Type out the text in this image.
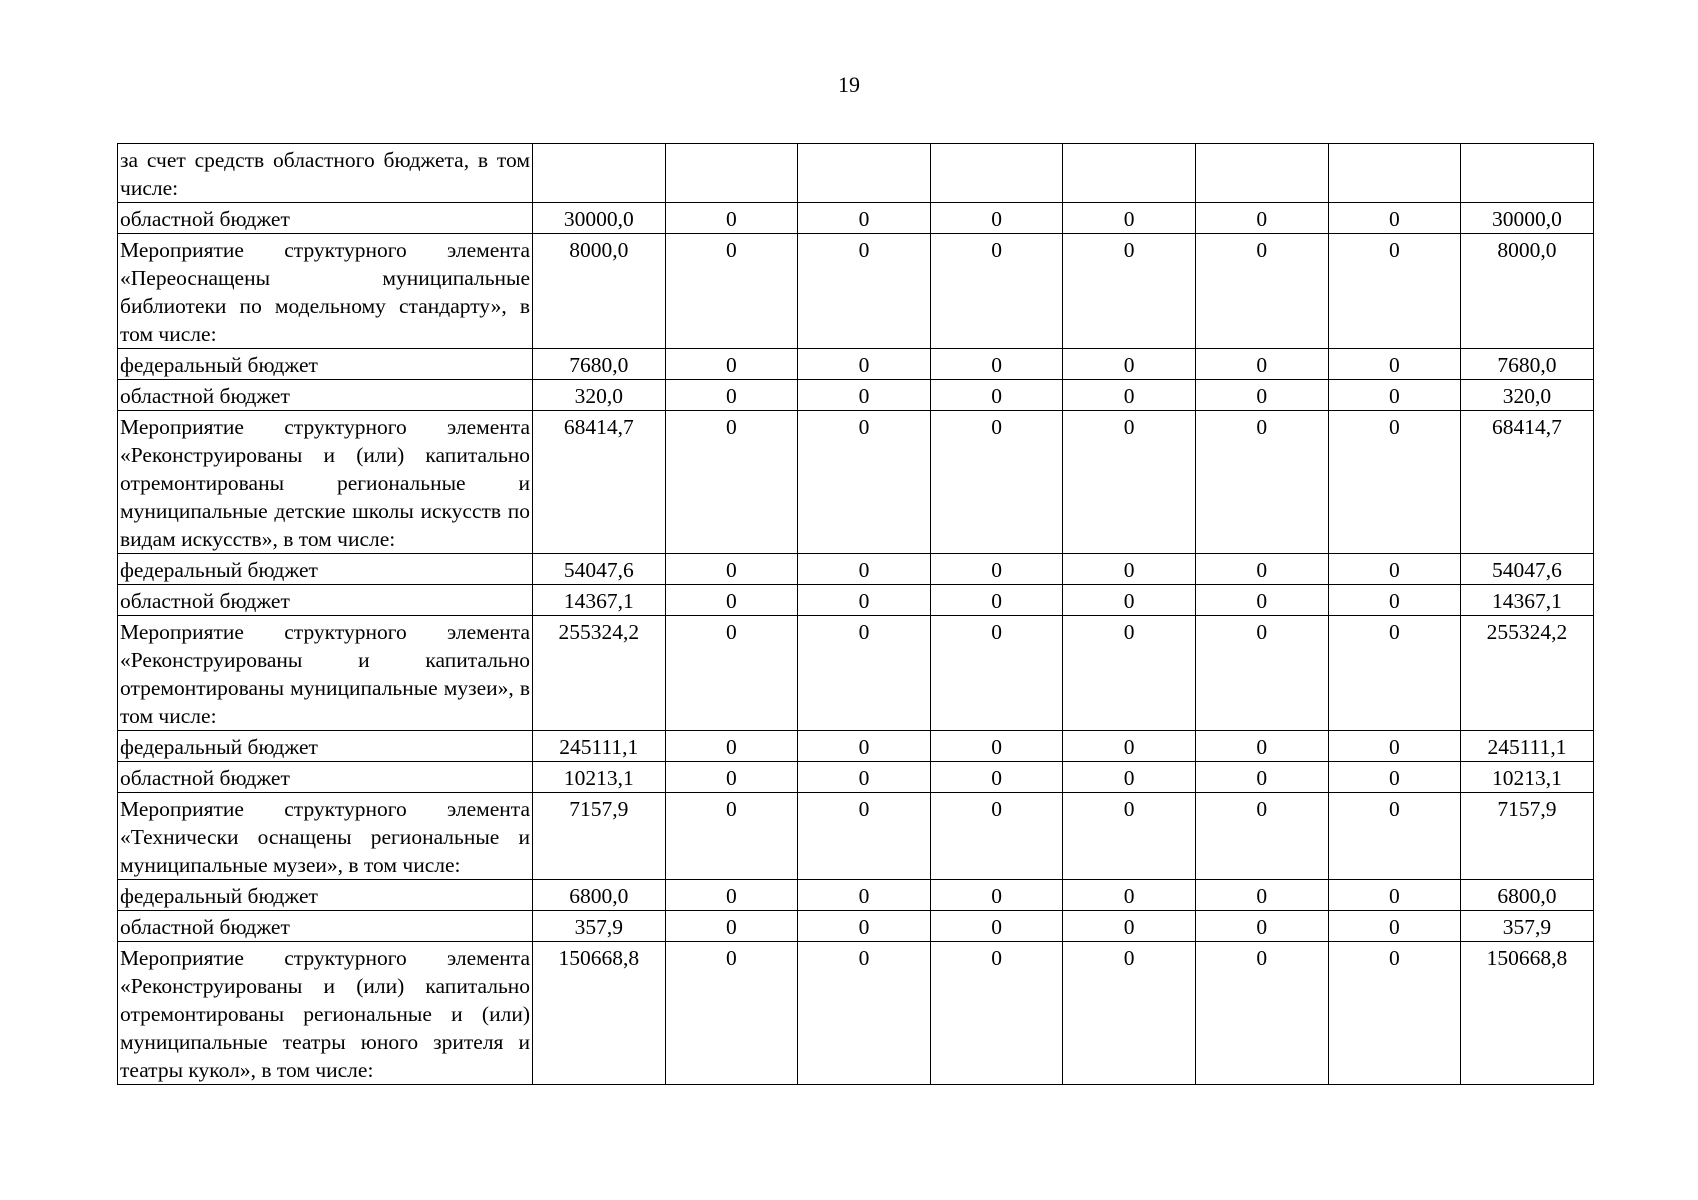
19
за счет средств областного бюджета, в том числе:								
областной бюджет	30000,0	0	0	0	0	0	0	30000,0
Мероприятие структурного элемента «Переоснащены муниципальные библиотеки по модельному стандарту», в том числе:	8000,0	0	0	0	0	0	0	8000,0
федеральный бюджет	7680,0	0	0	0	0	0	0	7680,0
областной бюджет	320,0	0	0	0	0	0	0	320,0
Мероприятие структурного элемента «Реконструированы и (или) капитально отремонтированы региональные и муниципальные детские школы искусств по видам искусств», в том числе:	68414,7	0	0	0	0	0	0	68414,7
федеральный бюджет	54047,6	0	0	0	0	0	0	54047,6
областной бюджет	14367,1	0	0	0	0	0	0	14367,1
Мероприятие структурного элемента «Реконструированы и капитально отремонтированы муниципальные музеи», в том числе:	255324,2	0	0	0	0	0	0	255324,2
федеральный бюджет	245111,1	0	0	0	0	0	0	245111,1
областной бюджет	10213,1	0	0	0	0	0	0	10213,1
Мероприятие структурного элемента «Технически оснащены региональные и муниципальные музеи», в том числе:	7157,9	0	0	0	0	0	0	7157,9
федеральный бюджет	6800,0	0	0	0	0	0	0	6800,0
областной бюджет	357,9	0	0	0	0	0	0	357,9
Мероприятие структурного элемента «Реконструированы и (или) капитально отремонтированы региональные и (или) муниципальные театры юного зрителя и театры кукол», в том числе:	150668,8	0	0	0	0	0	0	150668,8
